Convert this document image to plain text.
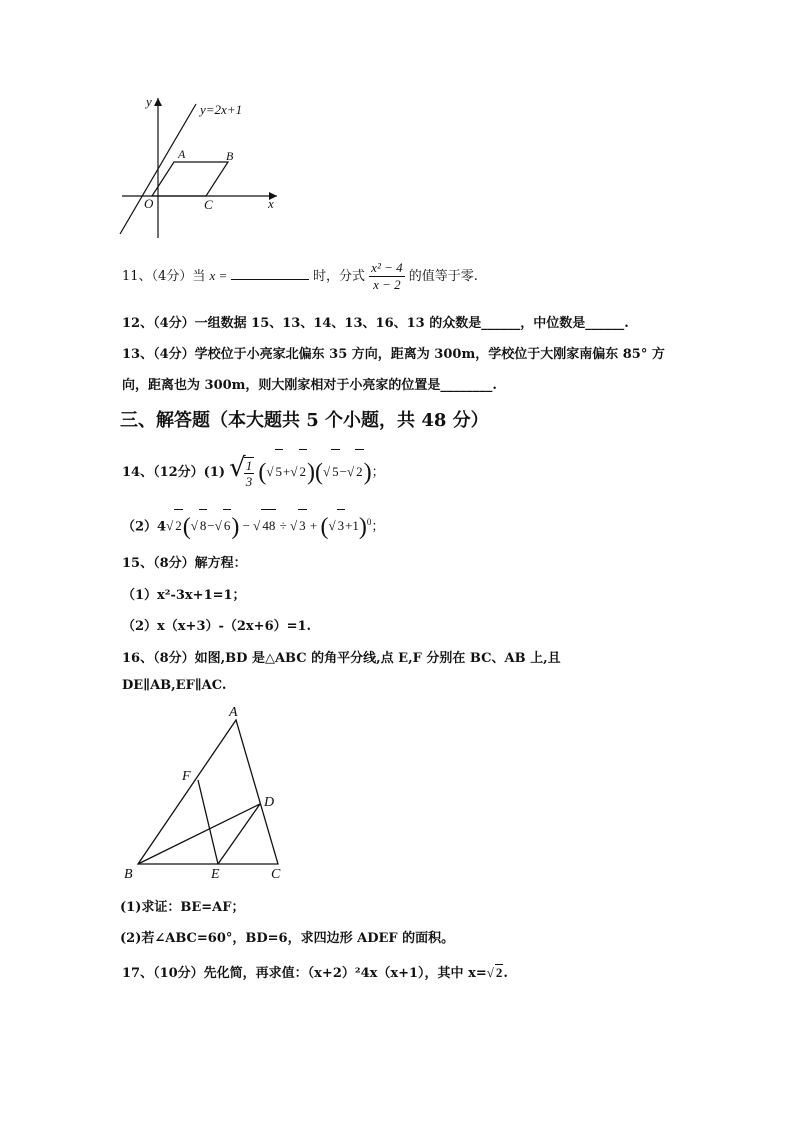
y=2x+1
y
x
A	B
O	C
11、（4分）当 x =	时，分式 $\frac{\text{x² − 4}}{x - 2}$ 的值等于零.
12、（4分）一组数据 15、13、14、13、16、13 的众数是______，中位数是______.
13、（4分）学校位于小亮家北偏东 35 方向，距离为 300m，学校位于大刚家南偏东 85° 方
向，距离也为 300m，则大刚家相对于小亮家的位置是________.
三、解答题（本大题共 5 个小题，共 48 分）
14、（12分）(1) √
$\frac{1}{3}$ (√ 5+√ 2)(√ 5−√ 2)；
（2）4√ 2(√ 8−√ 6) − √ 48 ÷ √ 3 + (√ 3+1)$^0$；
15、（8分）解方程：
（1）x²-3x+1=1；
（2）x（x+3）-（2x+6）=1.
16、（8分）如图,BD 是△ABC 的角平分线,点 E,F 分别在 BC、AB 上,且
DE∥AB,EF∥AC.
A
B	C
D
E
F
(1)求证：BE=AF；
(2)若∠ABC=60°，BD=6，求四边形 ADEF 的面积。
17、（10分）先化简，再求值：（x+2）²4x（x+1），其中 x=√ 2.
